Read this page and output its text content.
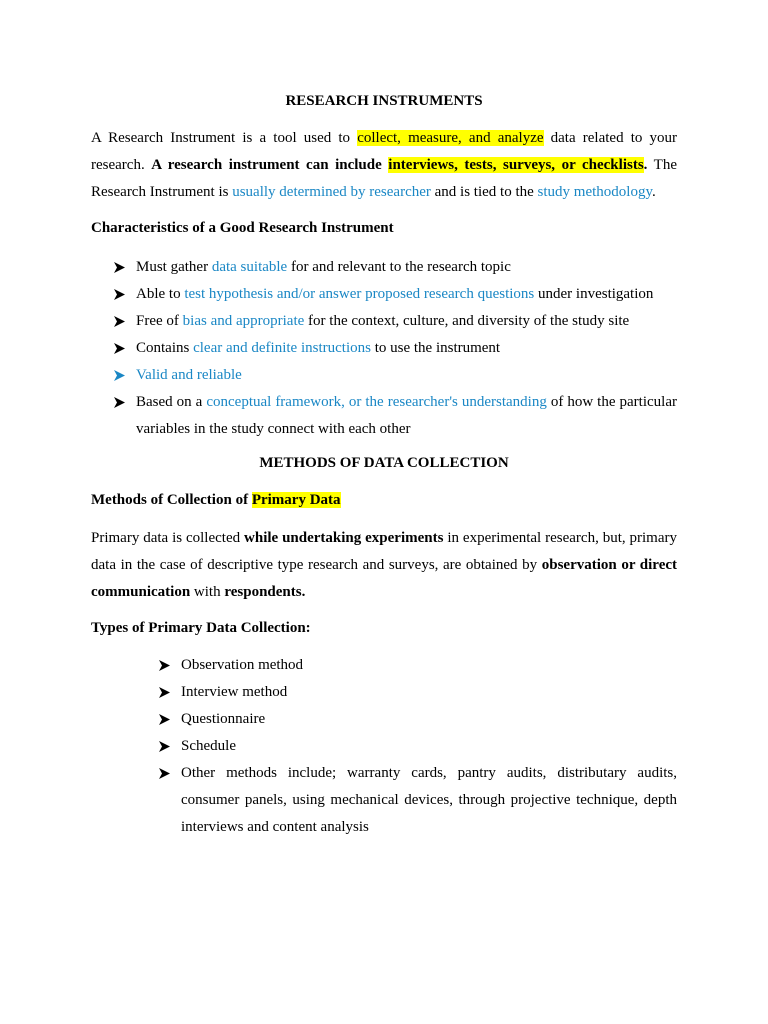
RESEARCH INSTRUMENTS
A Research Instrument is a tool used to collect, measure, and analyze data related to your research. A research instrument can include interviews, tests, surveys, or checklists. The Research Instrument is usually determined by researcher and is tied to the study methodology.
Characteristics of a Good Research Instrument
Must gather data suitable for and relevant to the research topic
Able to test hypothesis and/or answer proposed research questions under investigation
Free of bias and appropriate for the context, culture, and diversity of the study site
Contains clear and definite instructions to use the instrument
Valid and reliable
Based on a conceptual framework, or the researcher's understanding of how the particular variables in the study connect with each other
METHODS OF DATA COLLECTION
Methods of Collection of Primary Data
Primary data is collected while undertaking experiments in experimental research, but, primary data in the case of descriptive type research and surveys, are obtained by observation or direct communication with respondents.
Types of Primary Data Collection:
Observation method
Interview method
Questionnaire
Schedule
Other methods include; warranty cards, pantry audits, distributary audits, consumer panels, using mechanical devices, through projective technique, depth interviews and content analysis
